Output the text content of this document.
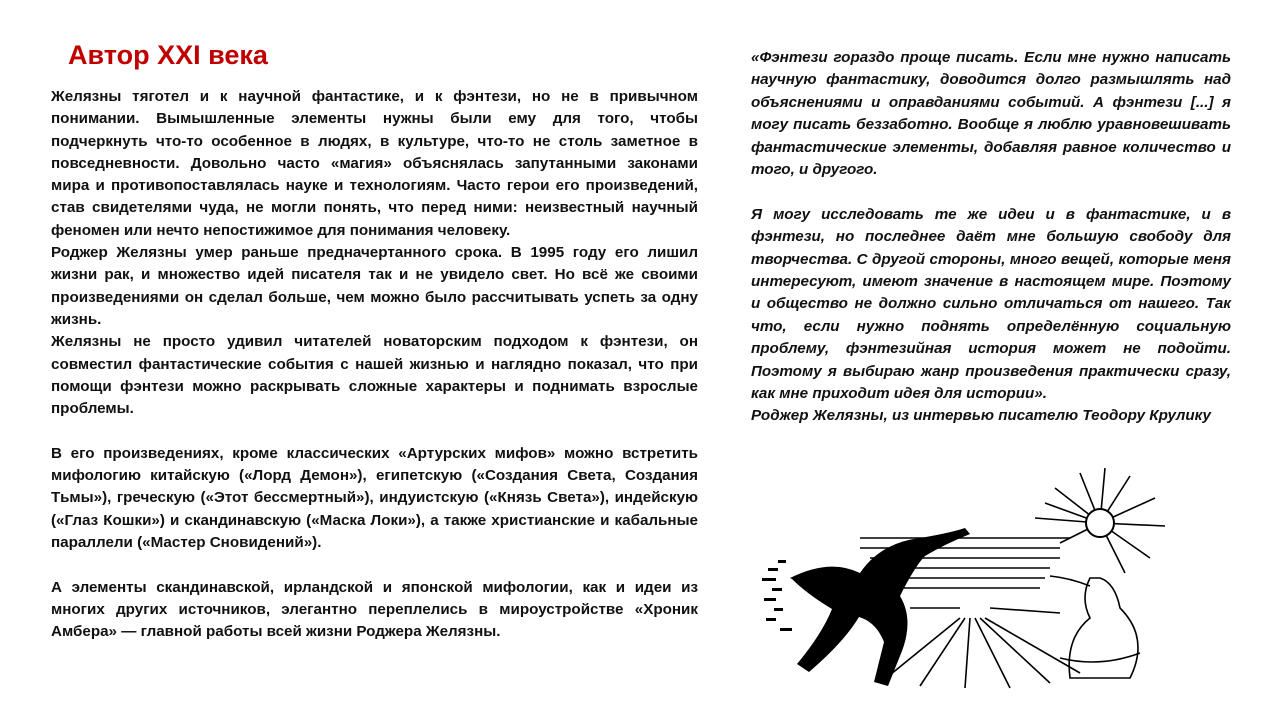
Автор XXI века

Желязны тяготел и к научной фантастике, и к фэнтези, но не в привычном понимании. Вымышленные элементы нужны были ему для того, чтобы подчеркнуть что-то особенное в людях, в культуре, что-то не столь заметное в повседневности. Довольно часто «магия» объяснялась запутанными законами мира и противопоставлялась науке и технологиям. Часто герои его произведений, став свидетелями чуда, не могли понять, что перед ними: неизвестный научный феномен или нечто непостижимое для понимания человеку.

Роджер Желязны умер раньше предначертанного срока. В 1995 году его лишил жизни рак, и множество идей писателя так и не увидело свет. Но всё же своими произведениями он сделал больше, чем можно было рассчитывать успеть за одну жизнь.

Желязны не просто удивил читателей новаторским подходом к фэнтези, он совместил фантастические события с нашей жизнью и наглядно показал, что при помощи фэнтези можно раскрывать сложные характеры и поднимать взрослые проблемы.

В его произведениях, кроме классических «Артурских мифов» можно встретить мифологию китайскую («Лорд Демон»), египетскую («Создания Света, Создания Тьмы»), греческую («Этот бессмертный»), индуистскую («Князь Света»), индейскую («Глаз Кошки») и скандинавскую («Маска Локи»), а также христианские и кабальные параллели («Мастер Сновидений»).

А элементы скандинавской, ирландской и японской мифологии, как и идеи из многих других источников, элегантно переплелись в мироустройстве «Хроник Амбера» — главной работы всей жизни Роджера Желязны.

«Фэнтези гораздо проще писать. Если мне нужно написать научную фантастику, доводится долго размышлять над объяснениями и оправданиями событий. А фэнтези [...] я могу писать беззаботно. Вообще я люблю уравновешивать фантастические элементы, добавляя равное количество и того, и другого.

Я могу исследовать те же идеи и в фантастике, и в фэнтези, но последнее даёт мне большую свободу для творчества. С другой стороны, много вещей, которые меня интересуют, имеют значение в настоящем мире. Поэтому и общество не должно сильно отличаться от нашего. Так что, если нужно поднять определённую социальную проблему, фэнтезийная история может не подойти. Поэтому я выбираю жанр произведения практически сразу, как мне приходит идея для истории».

Роджер Желязны, из интервью писателю Теодору Крулику
